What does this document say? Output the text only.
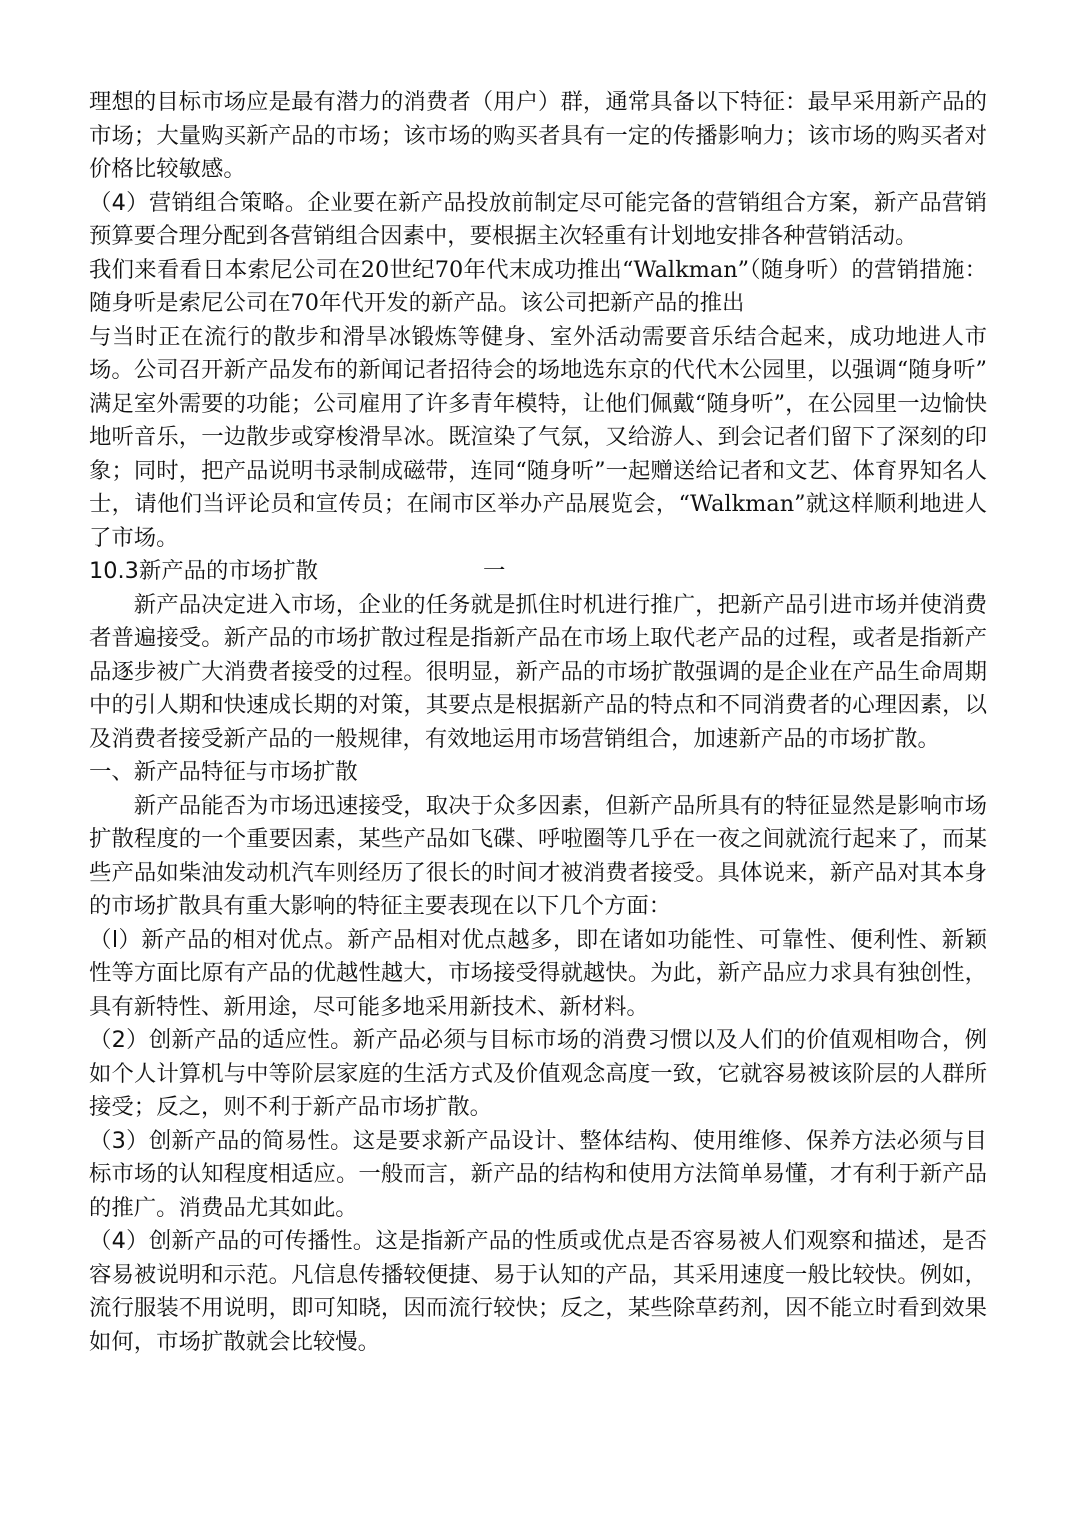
理想的目标市场应是最有潜力的消费者（用户）群，通常具备以下特征：最早采用新产品的市场；大量购买新产品的市场；该市场的购买者具有一定的传播影响力；该市场的购买者对价格比较敏感。

（4）营销组合策略。企业要在新产品投放前制定尽可能完备的营销组合方案，新产品营销预算要合理分配到各营销组合因素中，要根据主次轻重有计划地安排各种营销活动。

我们来看看日本索尼公司在20世纪70年代末成功推出“Walkman”（随身听）的营销措施：随身听是索尼公司在70年代开发的新产品。该公司把新产品的推出

与当时正在流行的散步和滑旱冰锻炼等健身、室外活动需要音乐结合起来，成功地进人市场。公司召开新产品发布的新闻记者招待会的场地选东京的代代木公园里，以强调“随身听” 满足室外需要的功能；公司雇用了许多青年模特，让他们佩戴“随身听”，在公园里一边愉快地听音乐，一边散步或穿梭滑旱冰。既渲染了气氛，又给游人、到会记者们留下了深刻的印象；同时，把产品说明书录制成磁带，连同“随身听”一起赠送给记者和文艺、体育界知名人士，请他们当评论员和宣传员；在闹市区举办产品展览会，“Walkman”就这样顺利地进人了市场。

10.3新产品的市场扩散	一

新产品决定进入市场，企业的任务就是抓住时机进行推广，把新产品引进市场并使消费者普遍接受。新产品的市场扩散过程是指新产品在市场上取代老产品的过程，或者是指新产品逐步被广大消费者接受的过程。很明显，新产品的市场扩散强调的是企业在产品生命周期中的引人期和快速成长期的对策，其要点是根据新产品的特点和不同消费者的心理因素，以及消费者接受新产品的一般规律，有效地运用市场营销组合，加速新产品的市场扩散。

一、新产品特征与市场扩散

新产品能否为市场迅速接受，取决于众多因素，但新产品所具有的特征显然是影响市场扩散程度的一个重要因素，某些产品如飞碟、呼啦圈等几乎在一夜之间就流行起来了，而某些产品如柴油发动机汽车则经历了很长的时间才被消费者接受。具体说来，新产品对其本身的市场扩散具有重大影响的特征主要表现在以下几个方面：

（l）新产品的相对优点。新产品相对优点越多，即在诸如功能性、可靠性、便利性、新颖性等方面比原有产品的优越性越大，市场接受得就越快。为此，新产品应力求具有独创性，具有新特性、新用途，尽可能多地采用新技术、新材料。

（2）创新产品的适应性。新产品必须与目标市场的消费习惯以及人们的价值观相吻合，例如个人计算机与中等阶层家庭的生活方式及价值观念高度一致，它就容易被该阶层的人群所接受；反之，则不利于新产品市场扩散。

（3）创新产品的简易性。这是要求新产品设计、整体结构、使用维修、保养方法必须与目标市场的认知程度相适应。一般而言，新产品的结构和使用方法简单易懂，才有利于新产品的推广。消费品尤其如此。

（4）创新产品的可传播性。这是指新产品的性质或优点是否容易被人们观察和描述，是否容易被说明和示范。凡信息传播较便捷、易于认知的产品，其采用速度一般比较快。例如，流行服装不用说明，即可知晓，因而流行较快；反之，某些除草药剂，因不能立时看到效果如何，市场扩散就会比较慢。
